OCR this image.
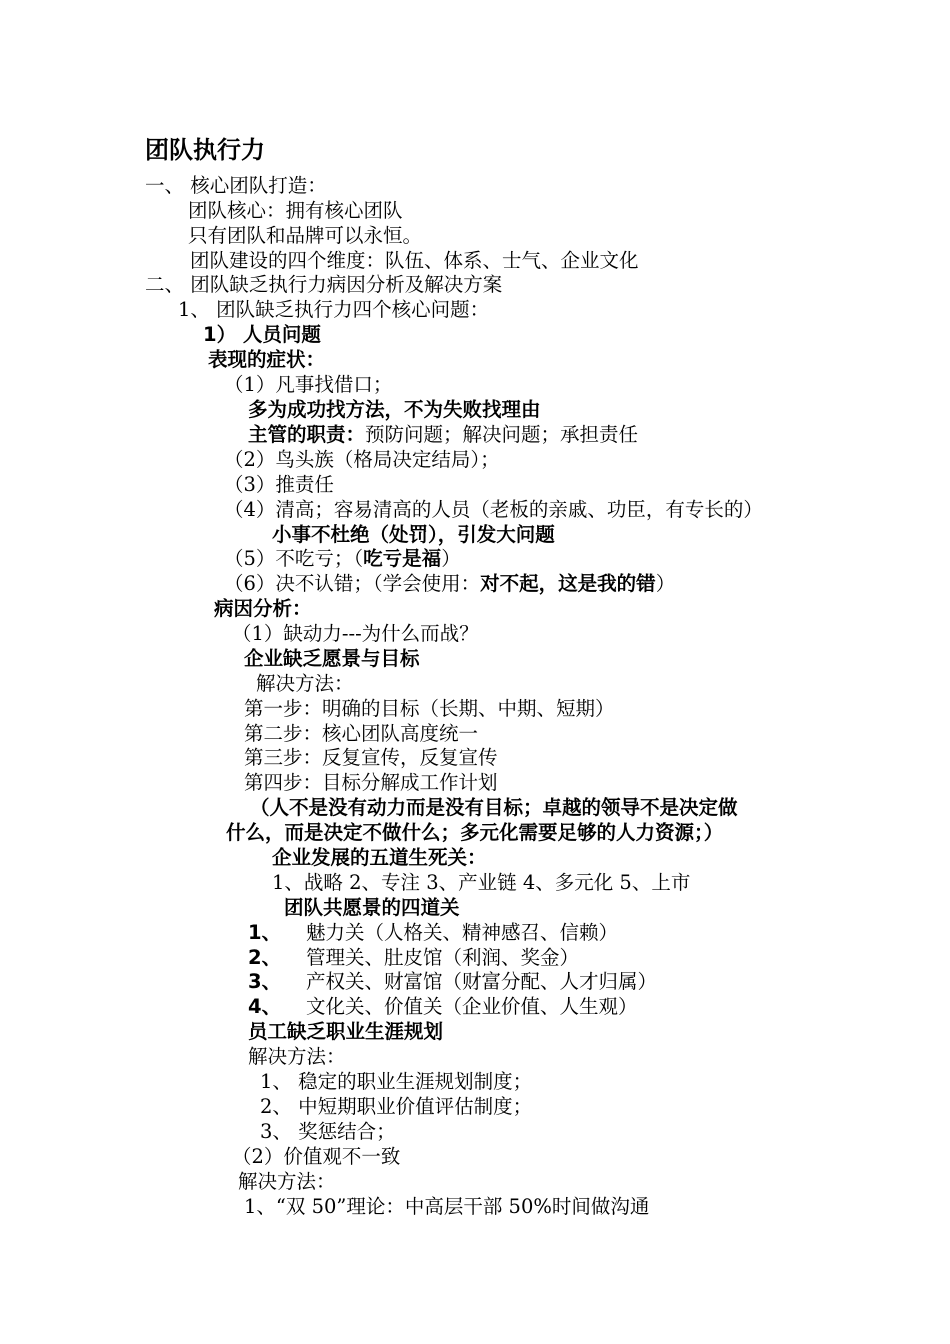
团队执行力
一、 核心团队打造：
团队核心：拥有核心团队
只有团队和品牌可以永恒。
团队建设的四个维度：队伍、体系、士气、企业文化
二、 团队缺乏执行力病因分析及解决方案
1、 团队缺乏执行力四个核心问题：
1） 人员问题
表现的症状：
（1）凡事找借口；
多为成功找方法，不为失败找理由
主管的职责：预防问题；解决问题；承担责任
（2）鸟头族（格局决定结局）；
（3）推责任
（4）清高；容易清高的人员（老板的亲戚、功臣，有专长的）
小事不杜绝（处罚），引发大问题
（5）不吃亏；（吃亏是福）
（6）决不认错；（学会使用：对不起，这是我的错）
病因分析：
（1）缺动力---为什么而战？
企业缺乏愿景与目标
解决方法：
第一步：明确的目标（长期、中期、短期）
第二步：核心团队高度统一
第三步：反复宣传，反复宣传
第四步：目标分解成工作计划
（人不是没有动力而是没有目标；卓越的领导不是决定做
什么，而是决定不做什么；多元化需要足够的人力资源；）
企业发展的五道生死关：
1、战略 2、专注 3、产业链 4、多元化 5、上市
团队共愿景的四道关
1、 魅力关（人格关、精神感召、信赖）
2、 管理关、肚皮馆（利润、奖金）
3、 产权关、财富馆（财富分配、人才归属）
4、 文化关、价值关（企业价值、人生观）
员工缺乏职业生涯规划
解决方法：
1、 稳定的职业生涯规划制度；
2、 中短期职业价值评估制度；
3、 奖惩结合；
（2）价值观不一致
解决方法：
1、“双 50”理论：中高层干部 50%时间做沟通
